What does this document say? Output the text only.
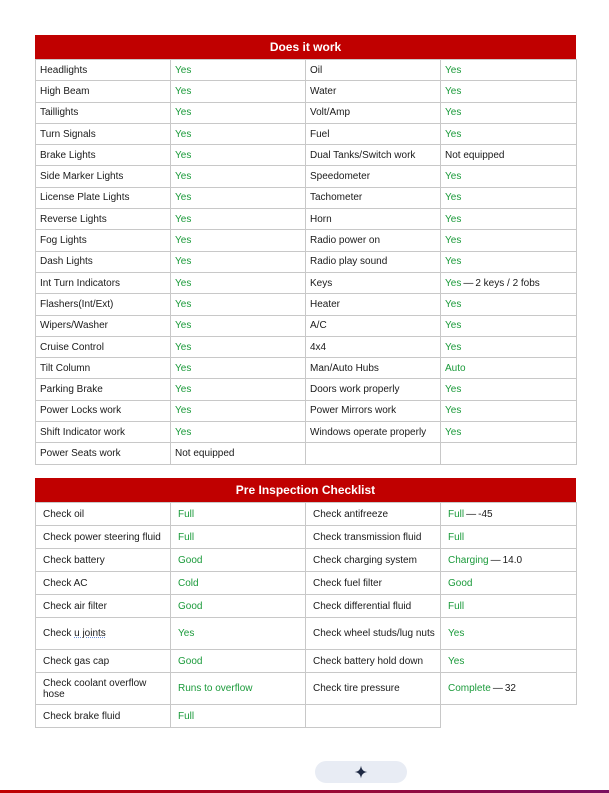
Does it work
Headlights	Yes	Oil	Yes
High Beam	Yes	Water	Yes
Taillights	Yes	Volt/Amp	Yes
Turn Signals	Yes	Fuel	Yes
Brake Lights	Yes	Dual Tanks/Switch work	Not equipped
Side Marker Lights	Yes	Speedometer	Yes
License Plate Lights	Yes	Tachometer	Yes
Reverse Lights	Yes	Horn	Yes
Fog Lights	Yes	Radio power on	Yes
Dash Lights	Yes	Radio play sound	Yes
Int Turn Indicators	Yes	Keys	Yes — 2 keys / 2 fobs
Flashers(Int/Ext)	Yes	Heater	Yes
Wipers/Washer	Yes	A/C	Yes
Cruise Control	Yes	4x4	Yes
Tilt Column	Yes	Man/Auto Hubs	Auto
Parking Brake	Yes	Doors work properly	Yes
Power Locks work	Yes	Power Mirrors work	Yes
Shift Indicator work	Yes	Windows operate properly	Yes
Power Seats work	Not equipped		
Pre Inspection Checklist
Check oil	Full	Check antifreeze	Full — -45
Check power steering fluid	Full	Check transmission fluid	Full
Check battery	Good	Check charging system	Charging — 14.0
Check AC	Cold	Check fuel filter	Good
Check air filter	Good	Check differential fluid	Full
Check u joints	Yes	Check wheel studs/lug nuts	Yes
Check gas cap	Good	Check battery hold down	Yes
Check coolant overflow hose	Runs to overflow	Check tire pressure	Complete — 32
Check brake fluid	Full		
